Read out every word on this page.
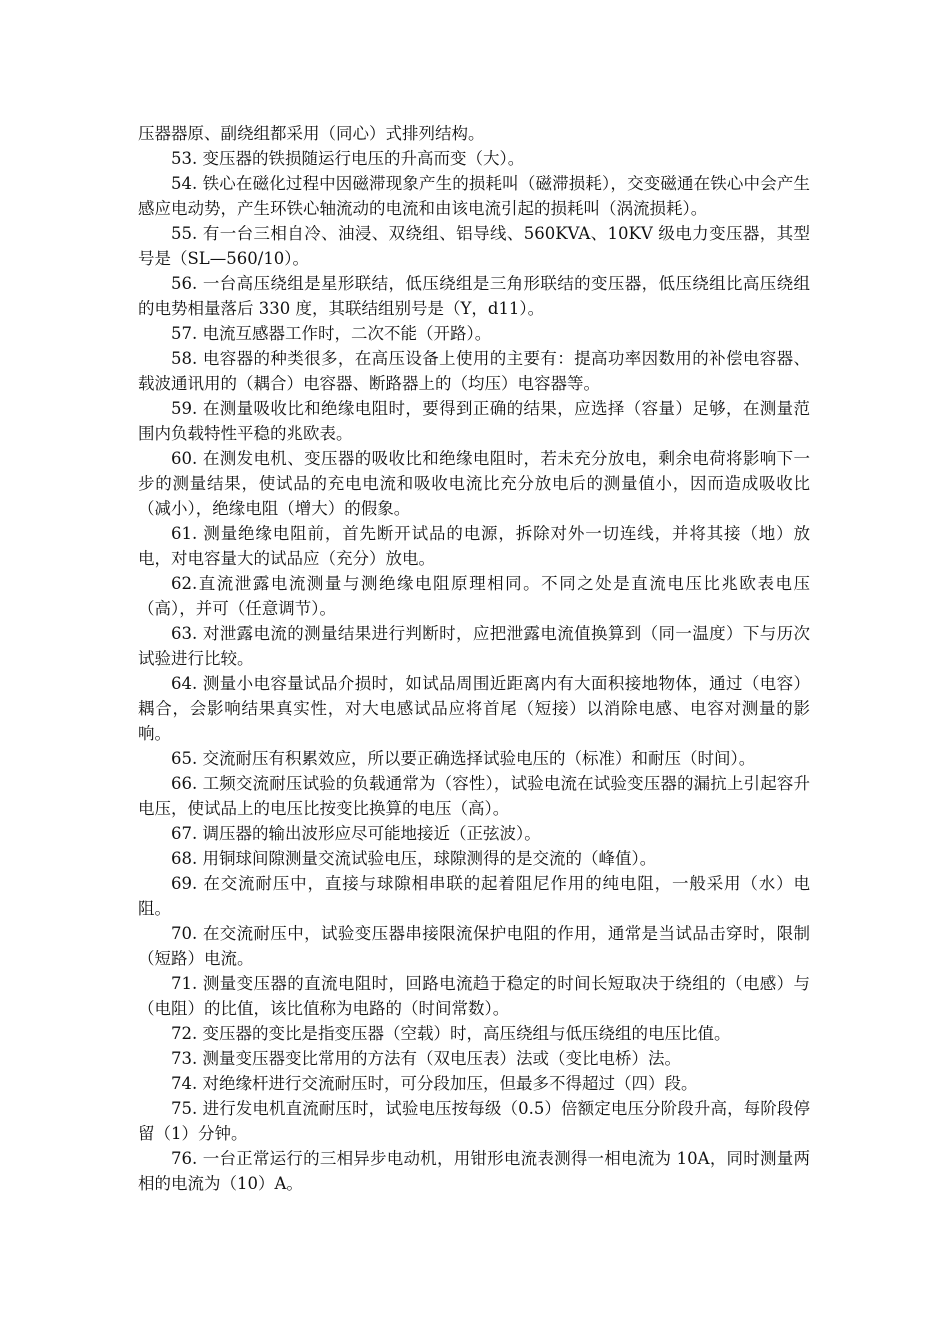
压器器原、副绕组都采用（同心）式排列结构。

53. 变压器的铁损随运行电压的升高而变（大）。

54. 铁心在磁化过程中因磁滞现象产生的损耗叫（磁滞损耗），交变磁通在铁心中会产生感应电动势，产生环铁心轴流动的电流和由该电流引起的损耗叫（涡流损耗）。

55. 有一台三相自冷、油浸、双绕组、铝导线、560KVA、10KV 级电力变压器，其型号是（SL—560/10）。

56. 一台高压绕组是星形联结，低压绕组是三角形联结的变压器，低压绕组比高压绕组的电势相量落后 330 度，其联结组别号是（Y，d11）。

57. 电流互感器工作时，二次不能（开路）。

58. 电容器的种类很多，在高压设备上使用的主要有：提高功率因数用的补偿电容器、载波通讯用的（耦合）电容器、断路器上的（均压）电容器等。

59. 在测量吸收比和绝缘电阻时，要得到正确的结果，应选择（容量）足够，在测量范围内负载特性平稳的兆欧表。

60. 在测发电机、变压器的吸收比和绝缘电阻时，若未充分放电，剩余电荷将影响下一步的测量结果，使试品的充电电流和吸收电流比充分放电后的测量值小，因而造成吸收比（减小），绝缘电阻（增大）的假象。

61. 测量绝缘电阻前，首先断开试品的电源，拆除对外一切连线，并将其接（地）放电，对电容量大的试品应（充分）放电。

62.直流泄露电流测量与测绝缘电阻原理相同。不同之处是直流电压比兆欧表电压（高），并可（任意调节）。

63. 对泄露电流的测量结果进行判断时，应把泄露电流值换算到（同一温度）下与历次试验进行比较。

64. 测量小电容量试品介损时，如试品周围近距离内有大面积接地物体，通过（电容）耦合，会影响结果真实性，对大电感试品应将首尾（短接）以消除电感、电容对测量的影响。

65. 交流耐压有积累效应，所以要正确选择试验电压的（标准）和耐压（时间）。

66. 工频交流耐压试验的负载通常为（容性），试验电流在试验变压器的漏抗上引起容升电压，使试品上的电压比按变比换算的电压（高）。

67. 调压器的输出波形应尽可能地接近（正弦波）。

68. 用铜球间隙测量交流试验电压，球隙测得的是交流的（峰值）。

69. 在交流耐压中，直接与球隙相串联的起着阻尼作用的纯电阻，一般采用（水）电阻。

70. 在交流耐压中，试验变压器串接限流保护电阻的作用，通常是当试品击穿时，限制（短路）电流。

71. 测量变压器的直流电阻时，回路电流趋于稳定的时间长短取决于绕组的（电感）与（电阻）的比值，该比值称为电路的（时间常数）。

72. 变压器的变比是指变压器（空载）时，高压绕组与低压绕组的电压比值。

73. 测量变压器变比常用的方法有（双电压表）法或（变比电桥）法。

74. 对绝缘杆进行交流耐压时，可分段加压，但最多不得超过（四）段。

75. 进行发电机直流耐压时，试验电压按每级（0.5）倍额定电压分阶段升高，每阶段停留（1）分钟。

76. 一台正常运行的三相异步电动机，用钳形电流表测得一相电流为 10A，同时测量两相的电流为（10）A。
